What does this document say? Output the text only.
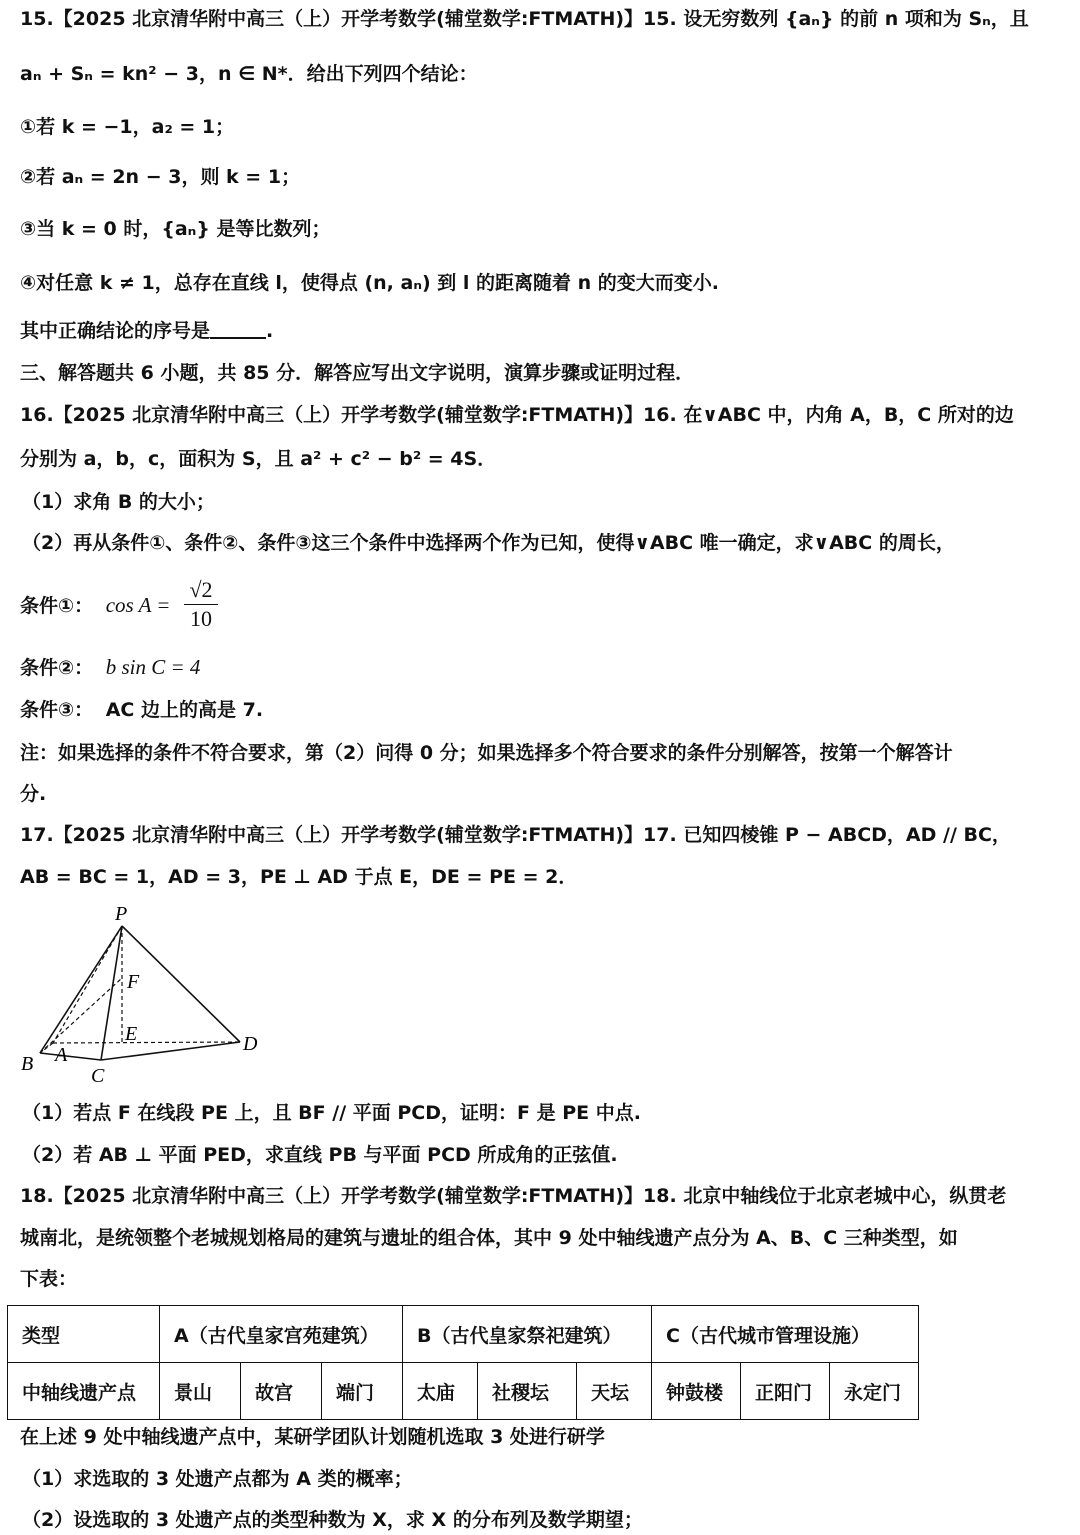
15.【2025 北京清华附中高三（上）开学考数学(辅堂数学:FTMATH)】15. 设无穷数列 {aₙ} 的前 n 项和为 Sₙ，且
aₙ + Sₙ = kn² − 3，n ∈ N*．给出下列四个结论：
①若 k = −1，a₂ = 1；
②若 aₙ = 2n − 3，则 k = 1；
③当 k = 0 时，{aₙ} 是等比数列；
④对任意 k ≠ 1，总存在直线 l，使得点 (n, aₙ) 到 l 的距离随着 n 的变大而变小.
其中正确结论的序号是	.
三、解答题共 6 小题，共 85 分．解答应写出文字说明，演算步骤或证明过程．
16.【2025 北京清华附中高三（上）开学考数学(辅堂数学:FTMATH)】16. 在∨ABC 中，内角 A，B，C 所对的边
分别为 a，b，c，面积为 S，且 a² + c² − b² = 4S．
（1）求角 B 的大小；
（2）再从条件①、条件②、条件③这三个条件中选择两个作为已知，使得∨ABC 唯一确定，求∨ABC 的周长，
条件①： $\cos A = \frac{√2}{10}$
条件②： b sin C = 4
条件③： AC 边上的高是 7.
注：如果选择的条件不符合要求，第（2）问得 0 分；如果选择多个符合要求的条件分别解答，按第一个解答计
分.
17.【2025 北京清华附中高三（上）开学考数学(辅堂数学:FTMATH)】17. 已知四棱锥 P − ABCD，AD // BC，
AB = BC = 1，AD = 3，PE ⊥ AD 于点 E，DE = PE = 2．
P
F
E
A
B
C
D
（1）若点 F 在线段 PE 上，且 BF // 平面 PCD，证明：F 是 PE 中点.
（2）若 AB ⊥ 平面 PED，求直线 PB 与平面 PCD 所成角的正弦值.
18.【2025 北京清华附中高三（上）开学考数学(辅堂数学:FTMATH)】18. 北京中轴线位于北京老城中心，纵贯老
城南北，是统领整个老城规划格局的建筑与遗址的组合体，其中 9 处中轴线遗产点分为 A、B、C 三种类型，如
下表：
类型	A（古代皇家宫苑建筑）			B（古代皇家祭祀建筑）			C（古代城市管理设施）		
中轴线遗产点	景山	故宫	端门	太庙	社稷坛	天坛	钟鼓楼	正阳门	永定门
在上述 9 处中轴线遗产点中，某研学团队计划随机选取 3 处进行研学
（1）求选取的 3 处遗产点都为 A 类的概率；
（2）设选取的 3 处遗产点的类型种数为 X，求 X 的分布列及数学期望；
